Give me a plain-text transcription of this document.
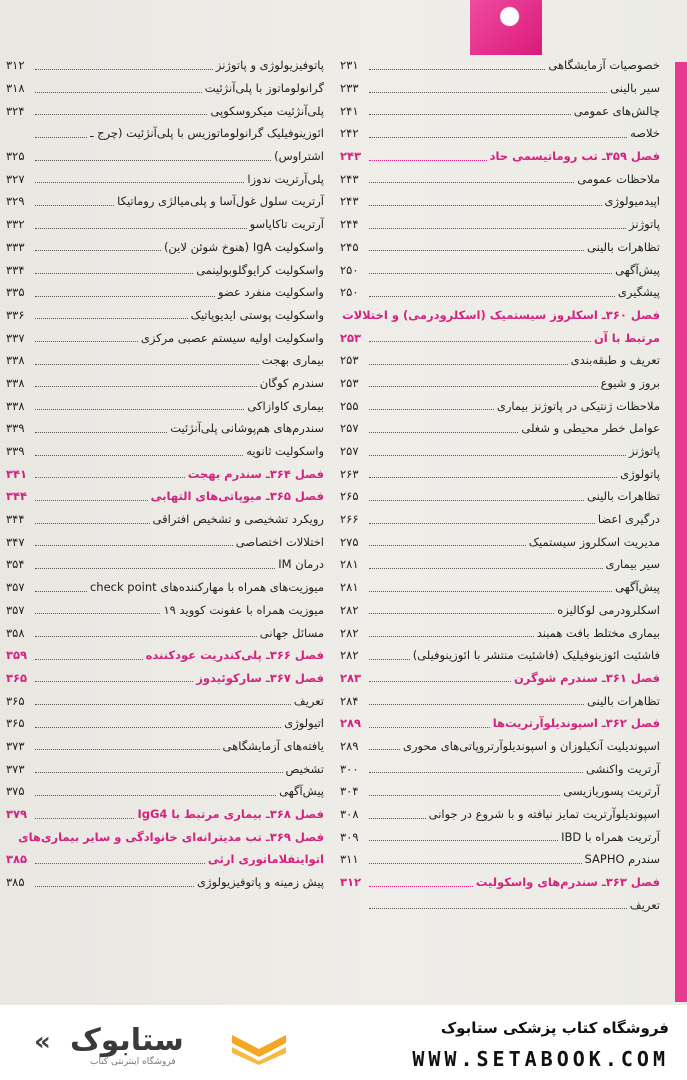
خصوصیات آزمایشگاهی
۲۳۱
سیر بالینی
۲۳۳
چالش‌های عمومی
۲۴۱
خلاصه
۲۴۲
فصل ۳۵۹ـ تب روماتیسمی حاد
۲۴۳
ملاحظات عمومی
۲۴۳
اپیدمیولوژی
۲۴۳
پاتوژنز
۲۴۴
تظاهرات بالینی
۲۴۵
پیش‌آگهی
۲۵۰
پیشگیری
۲۵۰
فصل ۳۶۰ـ اسکلروز سیستمیک (اسکلرودرمی) و اختلالات
مرتبط با آن
۲۵۳
تعریف و طبقه‌بندی
۲۵۳
بروز و شیوع
۲۵۳
ملاحظات ژنتیکی در پاتوژنز بیماری
۲۵۵
عوامل خطر محیطی و شغلی
۲۵۷
پاتوژنز
۲۵۷
پاتولوژی
۲۶۳
تظاهرات بالینی
۲۶۵
درگیری اعضا
۲۶۶
مدیریت اسکلروز سیستمیک
۲۷۵
سیر بیماری
۲۸۱
پیش‌آگهی
۲۸۱
اسکلرودرمی لوکالیزه
۲۸۲
بیماری مختلط بافت همبند
۲۸۲
فاشئیت ائوزینوفیلیک (فاشئیت منتشر با ائوزینوفیلی)
۲۸۲
فصل ۳۶۱ـ سندرم شوگرن
۲۸۳
تظاهرات بالینی
۲۸۴
فصل ۳۶۲ـ اسپوندیلوآرتریت‌ها
۲۸۹
اسپوندیلیت آنکیلوزان و اسپوندیلوآرتروپاتی‌های محوری
۲۸۹
آرتریت واکنشی
۳۰۰
آرتریت پسوریازیسی
۳۰۴
اسپوندیلوآرتریت تمایز نیافته و با شروع در جوانی
۳۰۸
آرتریت همراه با IBD
۳۰۹
سندرم SAPHO
۳۱۱
فصل ۳۶۳ـ سندرم‌های واسکولیت
۳۱۲
تعریف
پاتوفیزیولوژی و پاتوژنز
۳۱۲
گرانولوماتوز با پلی‌آنژئیت
۳۱۸
پلی‌آنژئیت میکروسکوپی
۳۲۴
ائوزینوفیلیک گرانولوماتوزیس با پلی‌آنژئیت (چرج ـ
اشتراوس)
۳۲۵
پلی‌آرتریت ندوزا
۳۲۷
آرتریت سلول غول‌آسا و پلی‌میالژی روماتیکا
۳۲۹
آرتریت تاکایاسو
۳۳۲
واسکولیت IgA (هنوخ شوئن لاین)
۳۳۳
واسکولیت کرایوگلوبولینمی
۳۳۴
واسکولیت منفرد عضو
۳۳۵
واسکولیت پوستی ایدیوپاتیک
۳۳۶
واسکولیت اولیه سیستم عصبی مرکزی
۳۳۷
بیماری بهجت
۳۳۸
سندرم کوگان
۳۳۸
بیماری کاوازاکی
۳۳۸
سندرم‌های هم‌پوشانی پلی‌آنژئیت
۳۳۹
واسکولیت ثانویه
۳۳۹
فصل ۳۶۴ـ سندرم بهجت
۳۴۱
فصل ۳۶۵ـ میوپاتی‌های التهابی
۳۴۴
رویکرد تشخیصی و تشخیص افتراقی
۳۴۴
اختلالات اختصاصی
۳۴۷
درمان IM
۳۵۴
میوزیت‌های همراه با مهارکننده‌های check point
۳۵۷
میوزیت همراه با عفونت کووید ۱۹
۳۵۷
مسائل جهانی
۳۵۸
فصل ۳۶۶ـ پلی‌کندریت عودکننده
۳۵۹
فصل ۳۶۷ـ سارکوئیدوز
۳۶۵
تعریف
۳۶۵
اتیولوژی
۳۶۵
یافته‌های آزمایشگاهی
۳۷۳
تشخیص
۳۷۳
پیش‌آگهی
۳۷۵
فصل ۳۶۸ـ بیماری مرتبط با IgG4
۳۷۹
فصل ۳۶۹ـ تب مدیترانه‌ای خانوادگی و سایر بیماری‌های
اتوایتفلاماتوری ارثی
۳۸۵
پیش زمینه و پاتوفیزیولوژی
۳۸۵
« ستابوک
فروشگاه اینترنتی کتاب
فروشگاه کتاب پزشکی ستابوک
WWW.SETABOOK.COM
